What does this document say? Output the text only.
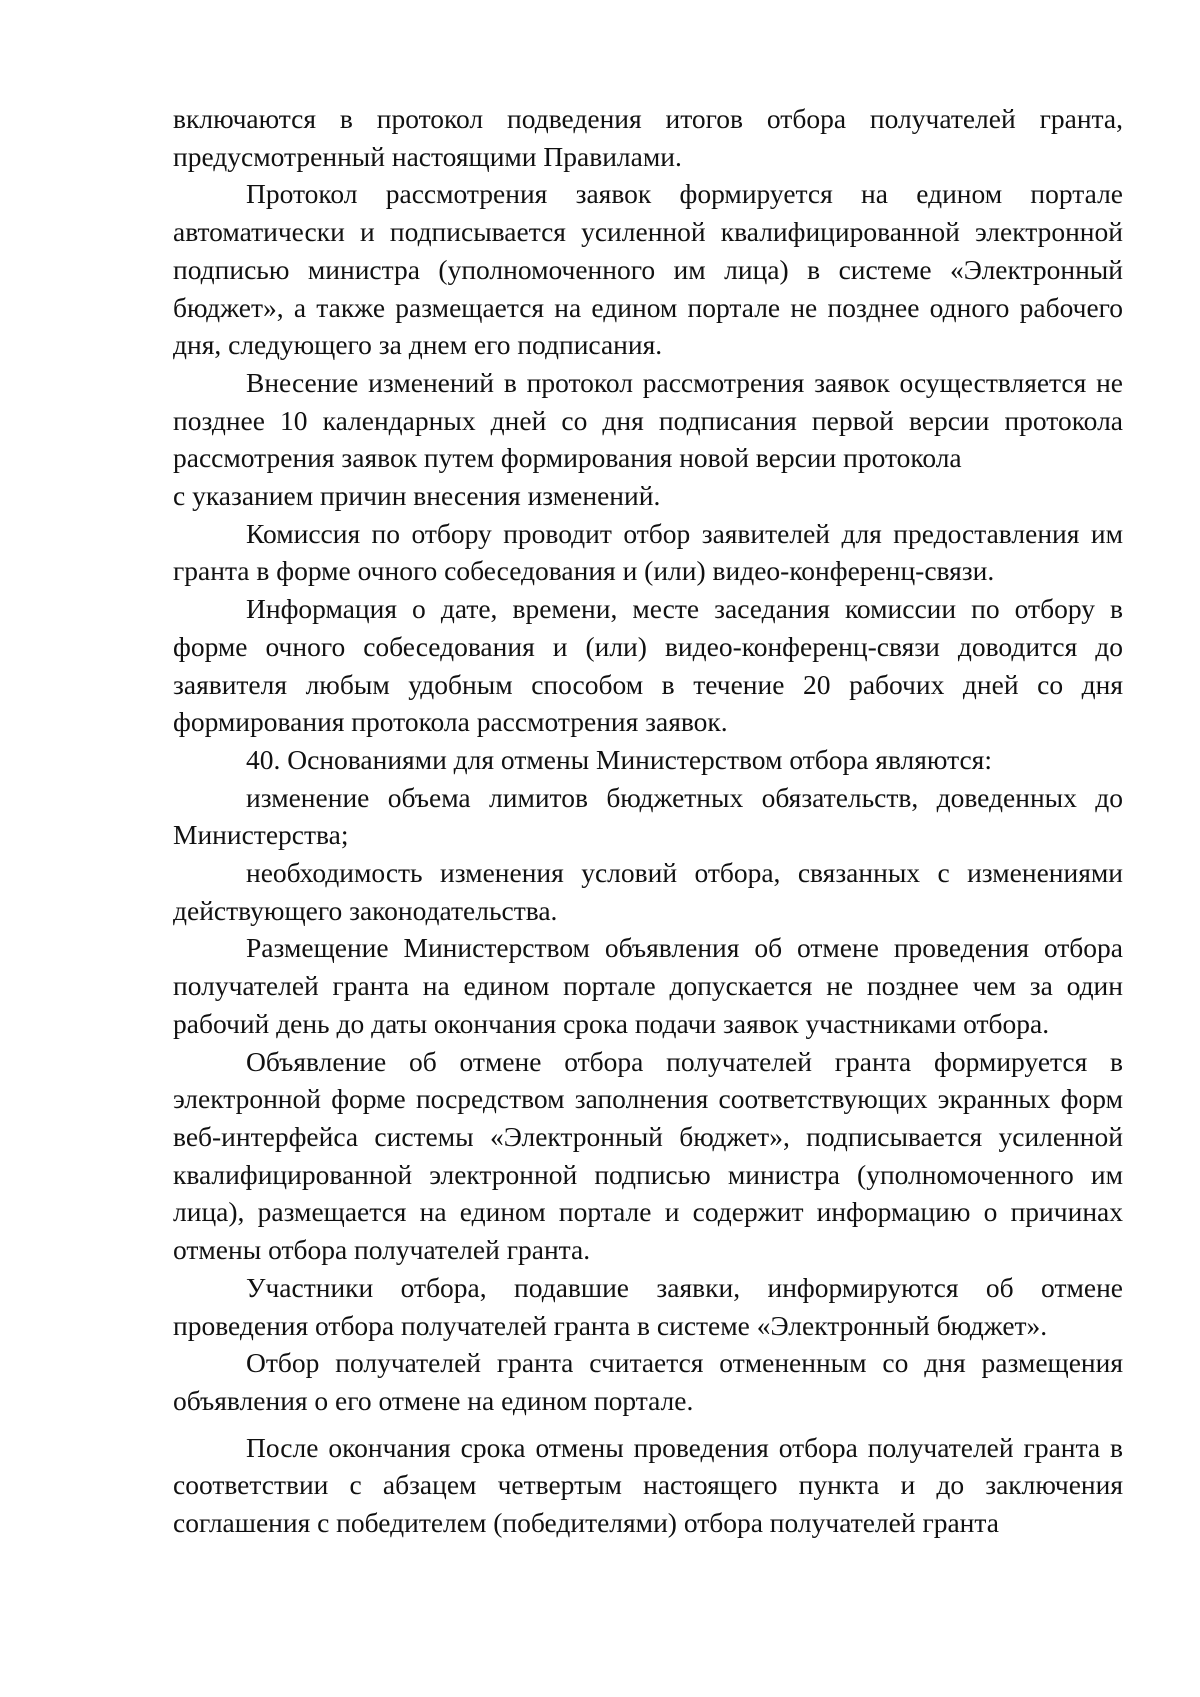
включаются в протокол подведения итогов отбора получателей гранта, предусмотренный настоящими Правилами.

Протокол рассмотрения заявок формируется на едином портале автоматически и подписывается усиленной квалифицированной электронной подписью министра (уполномоченного им лица) в системе «Электронный бюджет», а также размещается на едином портале не позднее одного рабочего дня, следующего за днем его подписания.

Внесение изменений в протокол рассмотрения заявок осуществляется не позднее 10 календарных дней со дня подписания первой версии протокола рассмотрения заявок путем формирования новой версии протокола

с указанием причин внесения изменений.

Комиссия по отбору проводит отбор заявителей для предоставления им гранта в форме очного собеседования и (или) видео-конференц-связи.

Информация о дате, времени, месте заседания комиссии по отбору в форме очного собеседования и (или) видео-конференц-связи доводится до заявителя любым удобным способом в течение 20 рабочих дней со дня формирования протокола рассмотрения заявок.

40. Основаниями для отмены Министерством отбора являются:

изменение объема лимитов бюджетных обязательств, доведенных до Министерства;

необходимость изменения условий отбора, связанных с изменениями действующего законодательства.

Размещение Министерством объявления об отмене проведения отбора получателей гранта на едином портале допускается не позднее чем за один рабочий день до даты окончания срока подачи заявок участниками отбора.

Объявление об отмене отбора получателей гранта формируется в электронной форме посредством заполнения соответствующих экранных форм веб-интерфейса системы «Электронный бюджет», подписывается усиленной квалифицированной электронной подписью министра (уполномоченного им лица), размещается на едином портале и содержит информацию о причинах отмены отбора получателей гранта.

Участники отбора, подавшие заявки, информируются об отмене проведения отбора получателей гранта в системе «Электронный бюджет».

Отбор получателей гранта считается отмененным со дня размещения объявления о его отмене на едином портале.

После окончания срока отмены проведения отбора получателей гранта в соответствии с абзацем четвертым настоящего пункта и до заключения соглашения с победителем (победителями) отбора получателей гранта
